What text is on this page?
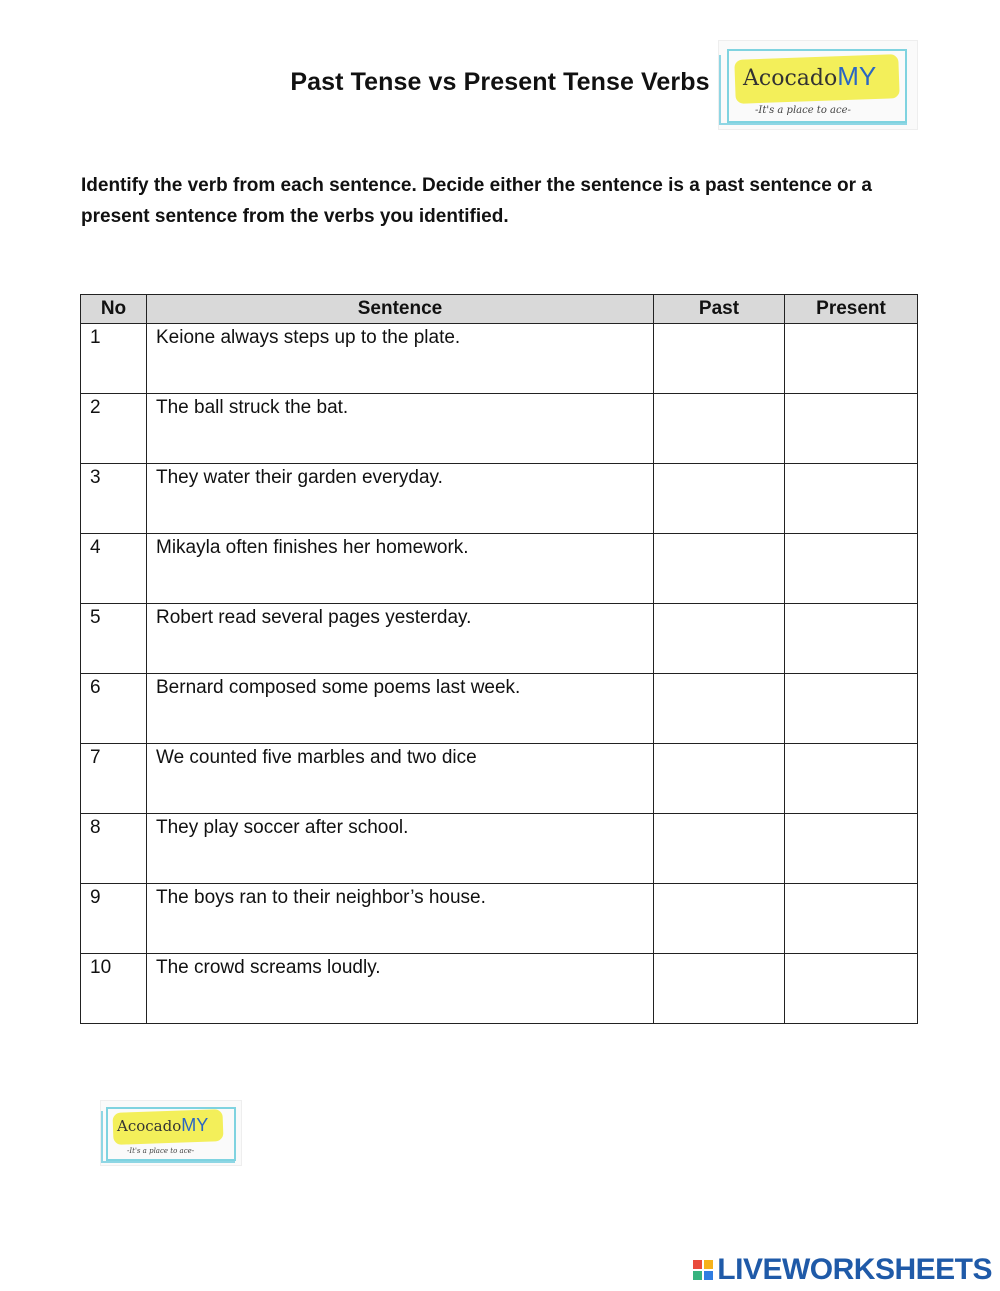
Past Tense vs Present Tense Verbs	AcocadoMY
-It's a place to ace-
Identify the verb from each sentence. Decide either the sentence is a past sentence or a present sentence from the verbs you identified.
No	Sentence	Past	Present
1	Keione always steps up to the plate.		
2	The ball struck the bat.		
3	They water their garden everyday.		
4	Mikayla often finishes her homework.		
5	Robert read several pages yesterday.		
6	Bernard composed some poems last week.		
7	We counted five marbles and two dice		
8	They play soccer after school.		
9	The boys ran to their neighbor’s house.		
10	The crowd screams loudly.		
AcocadoMY
-It's a place to ace-
LIVEWORKSHEETS
